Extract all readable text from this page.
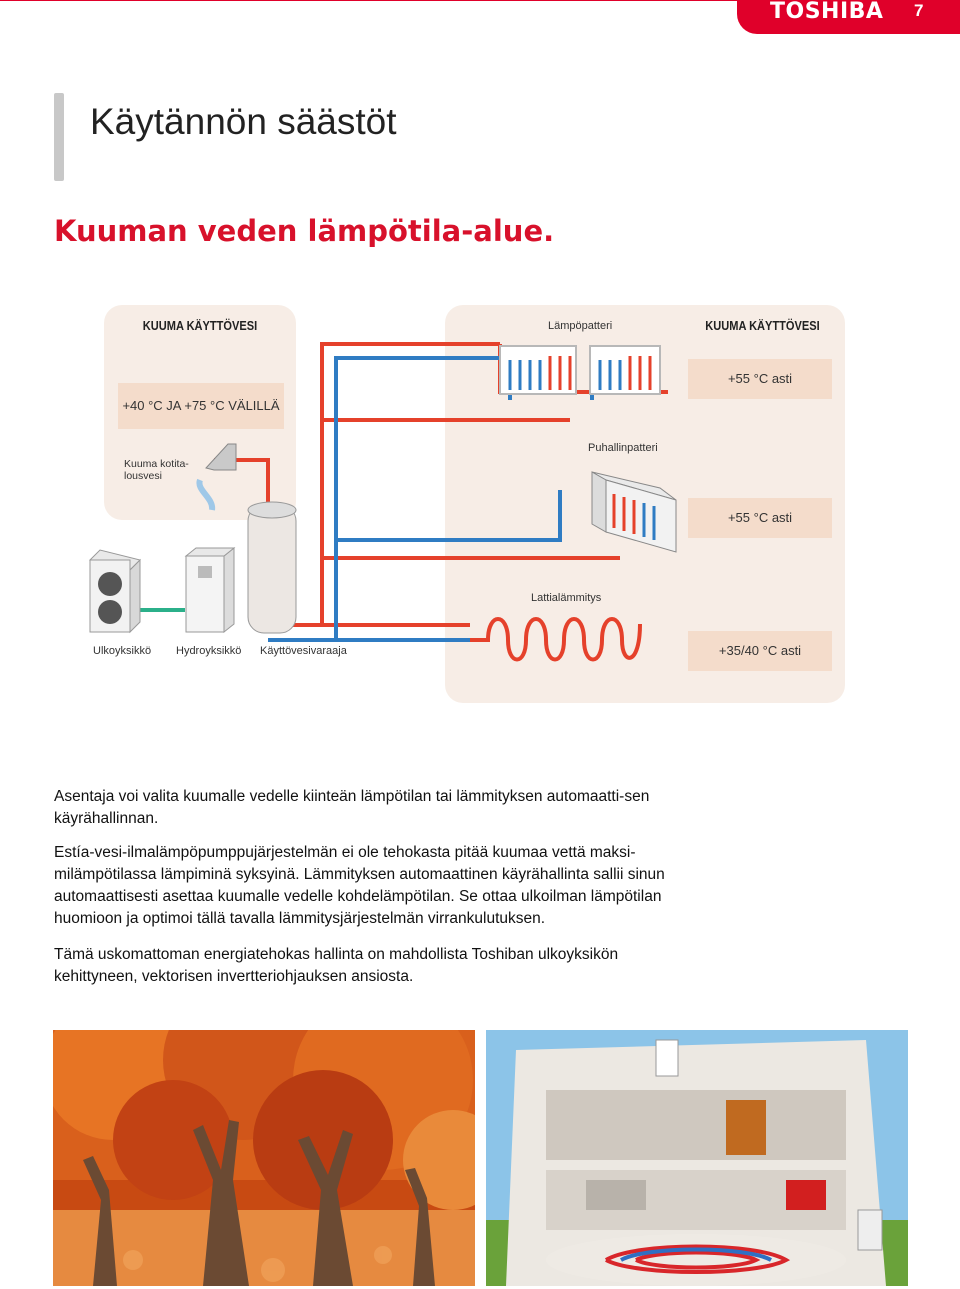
TOSHIBA 7
Käytännön säästöt
Kuuman veden lämpötila-alue.
KUUMA KÄYTTÖVESI
+40 °C JA +75 °C VÄLILLÄ
Kuuma kotita-
lousvesi
KUUMA KÄYTTÖVESI
Lämpöpatteri
+55 °C asti
Puhallinpatteri
+55 °C asti
Lattialämmitys
+35/40 °C asti
Ulkoyksikkö Hydroyksikkö Käyttövesivaraaja
Asentaja voi valita kuumalle vedelle kiinteän lämpötilan tai lämmityksen automaatti-sen käyrähallinnan.
Estía-vesi-ilmalämpöpumppujärjestelmän ei ole tehokasta pitää kuumaa vettä maksi-milämpötilassa lämpiminä syksyinä. Lämmityksen automaattinen käyrähallinta sallii sinun automaattisesti asettaa kuumalle vedelle kohdelämpötilan. Se ottaa ulkoilman lämpötilan huomioon ja optimoi tällä tavalla lämmitysjärjestelmän virrankulutuksen.
Tämä uskomattoman energiatehokas hallinta on mahdollista Toshiban ulkoyksikön kehittyneen, vektorisen invertteriohjauksen ansiosta.
